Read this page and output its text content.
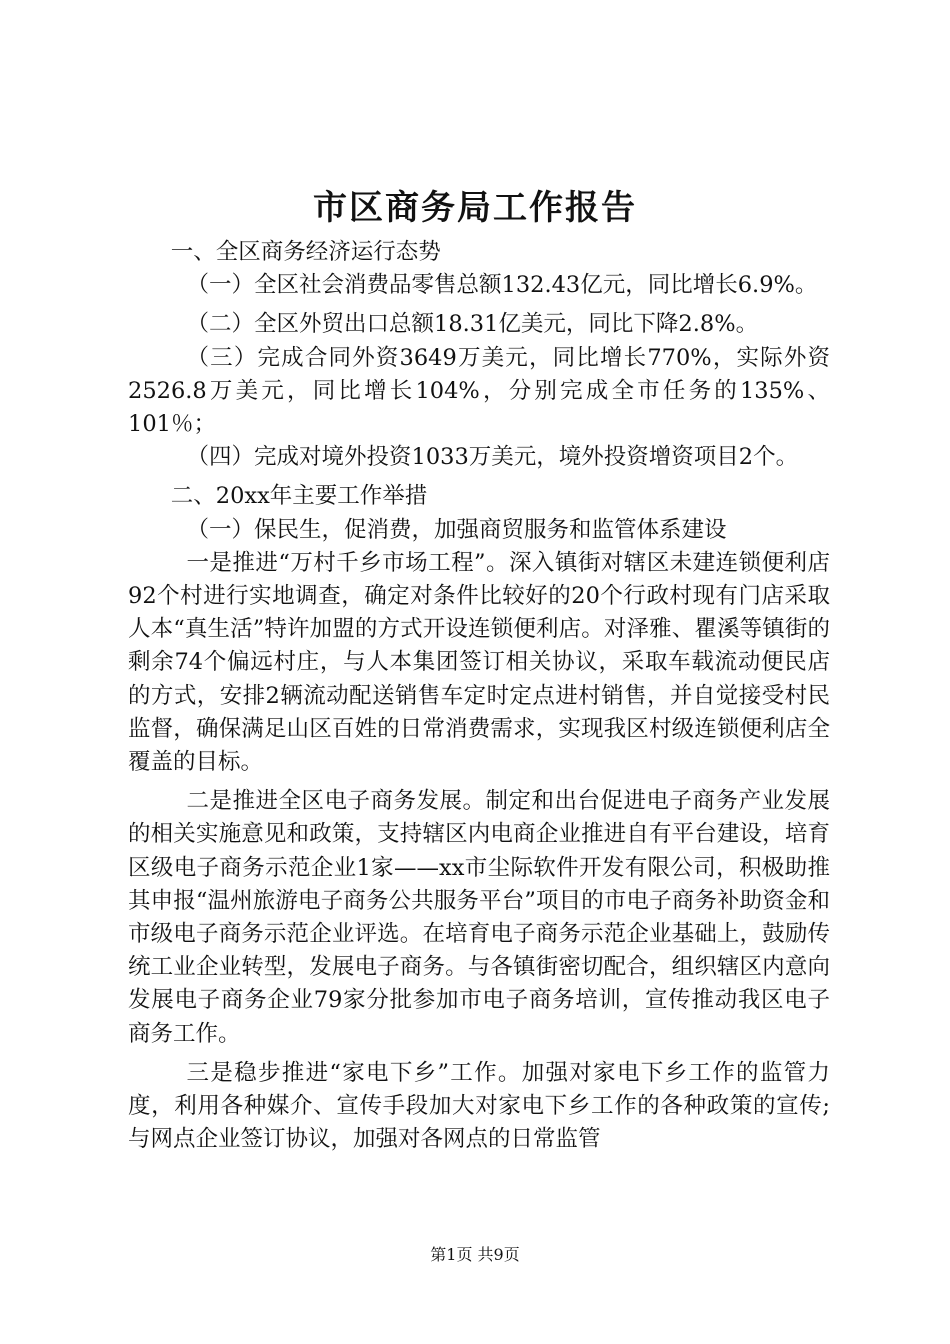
市区商务局工作报告

一、全区商务经济运行态势

（一）全区社会消费品零售总额132.43亿元，同比增长6.9%。

（二）全区外贸出口总额18.31亿美元，同比下降2.8%。

（三）完成合同外资3649万美元，同比增长770%，实际外资2526.8万美元，同比增长104%，分别完成全市任务的135%、101％；

（四）完成对境外投资1033万美元，境外投资增资项目2个。

二、20xx年主要工作举措

（一）保民生，促消费，加强商贸服务和监管体系建设

一是推进“万村千乡市场工程”。深入镇街对辖区未建连锁便利店92个村进行实地调查，确定对条件比较好的20个行政村现有门店采取人本“真生活”特许加盟的方式开设连锁便利店。对泽雅、瞿溪等镇街的剩余74个偏远村庄，与人本集团签订相关协议，采取车载流动便民店的方式，安排2辆流动配送销售车定时定点进村销售，并自觉接受村民监督，确保满足山区百姓的日常消费需求，实现我区村级连锁便利店全覆盖的目标。

二是推进全区电子商务发展。制定和出台促进电子商务产业发展的相关实施意见和政策，支持辖区内电商企业推进自有平台建设，培育区级电子商务示范企业1家——xx市尘际软件开发有限公司，积极助推其申报“温州旅游电子商务公共服务平台”项目的市电子商务补助资金和市级电子商务示范企业评选。在培育电子商务示范企业基础上，鼓励传统工业企业转型，发展电子商务。与各镇街密切配合，组织辖区内意向发展电子商务企业79家分批参加市电子商务培训，宣传推动我区电子商务工作。

三是稳步推进“家电下乡”工作。加强对家电下乡工作的监管力度，利用各种媒介、宣传手段加大对家电下乡工作的各种政策的宣传;与网点企业签订协议，加强对各网点的日常监管

第1页 共9页
